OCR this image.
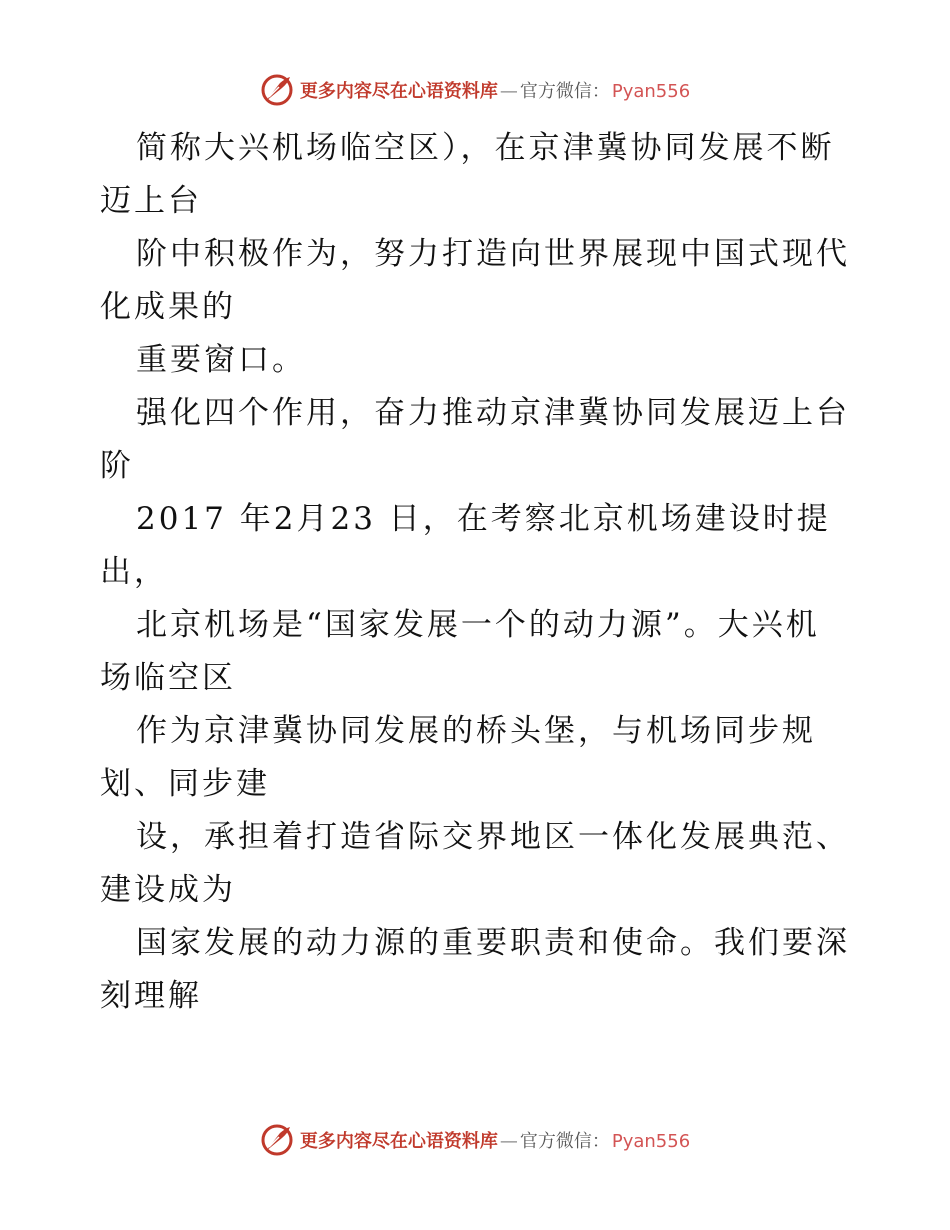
更多内容尽在心语资料库 — 官方微信： Pyan556

简称大兴机场临空区），在京津冀协同发展不断
迈上台

阶中积极作为，努力打造向世界展现中国式现代
化成果的

重要窗口。

强化四个作用，奋力推动京津冀协同发展迈上台
阶

2017 年2月23 日，在考察北京机场建设时提
出，

北京机场是“国家发展一个的动力源”。大兴机
场临空区

作为京津冀协同发展的桥头堡，与机场同步规
划、同步建

设，承担着打造省际交界地区一体化发展典范、
建设成为

国家发展的动力源的重要职责和使命。我们要深
刻理解

更多内容尽在心语资料库 — 官方微信： Pyan556
